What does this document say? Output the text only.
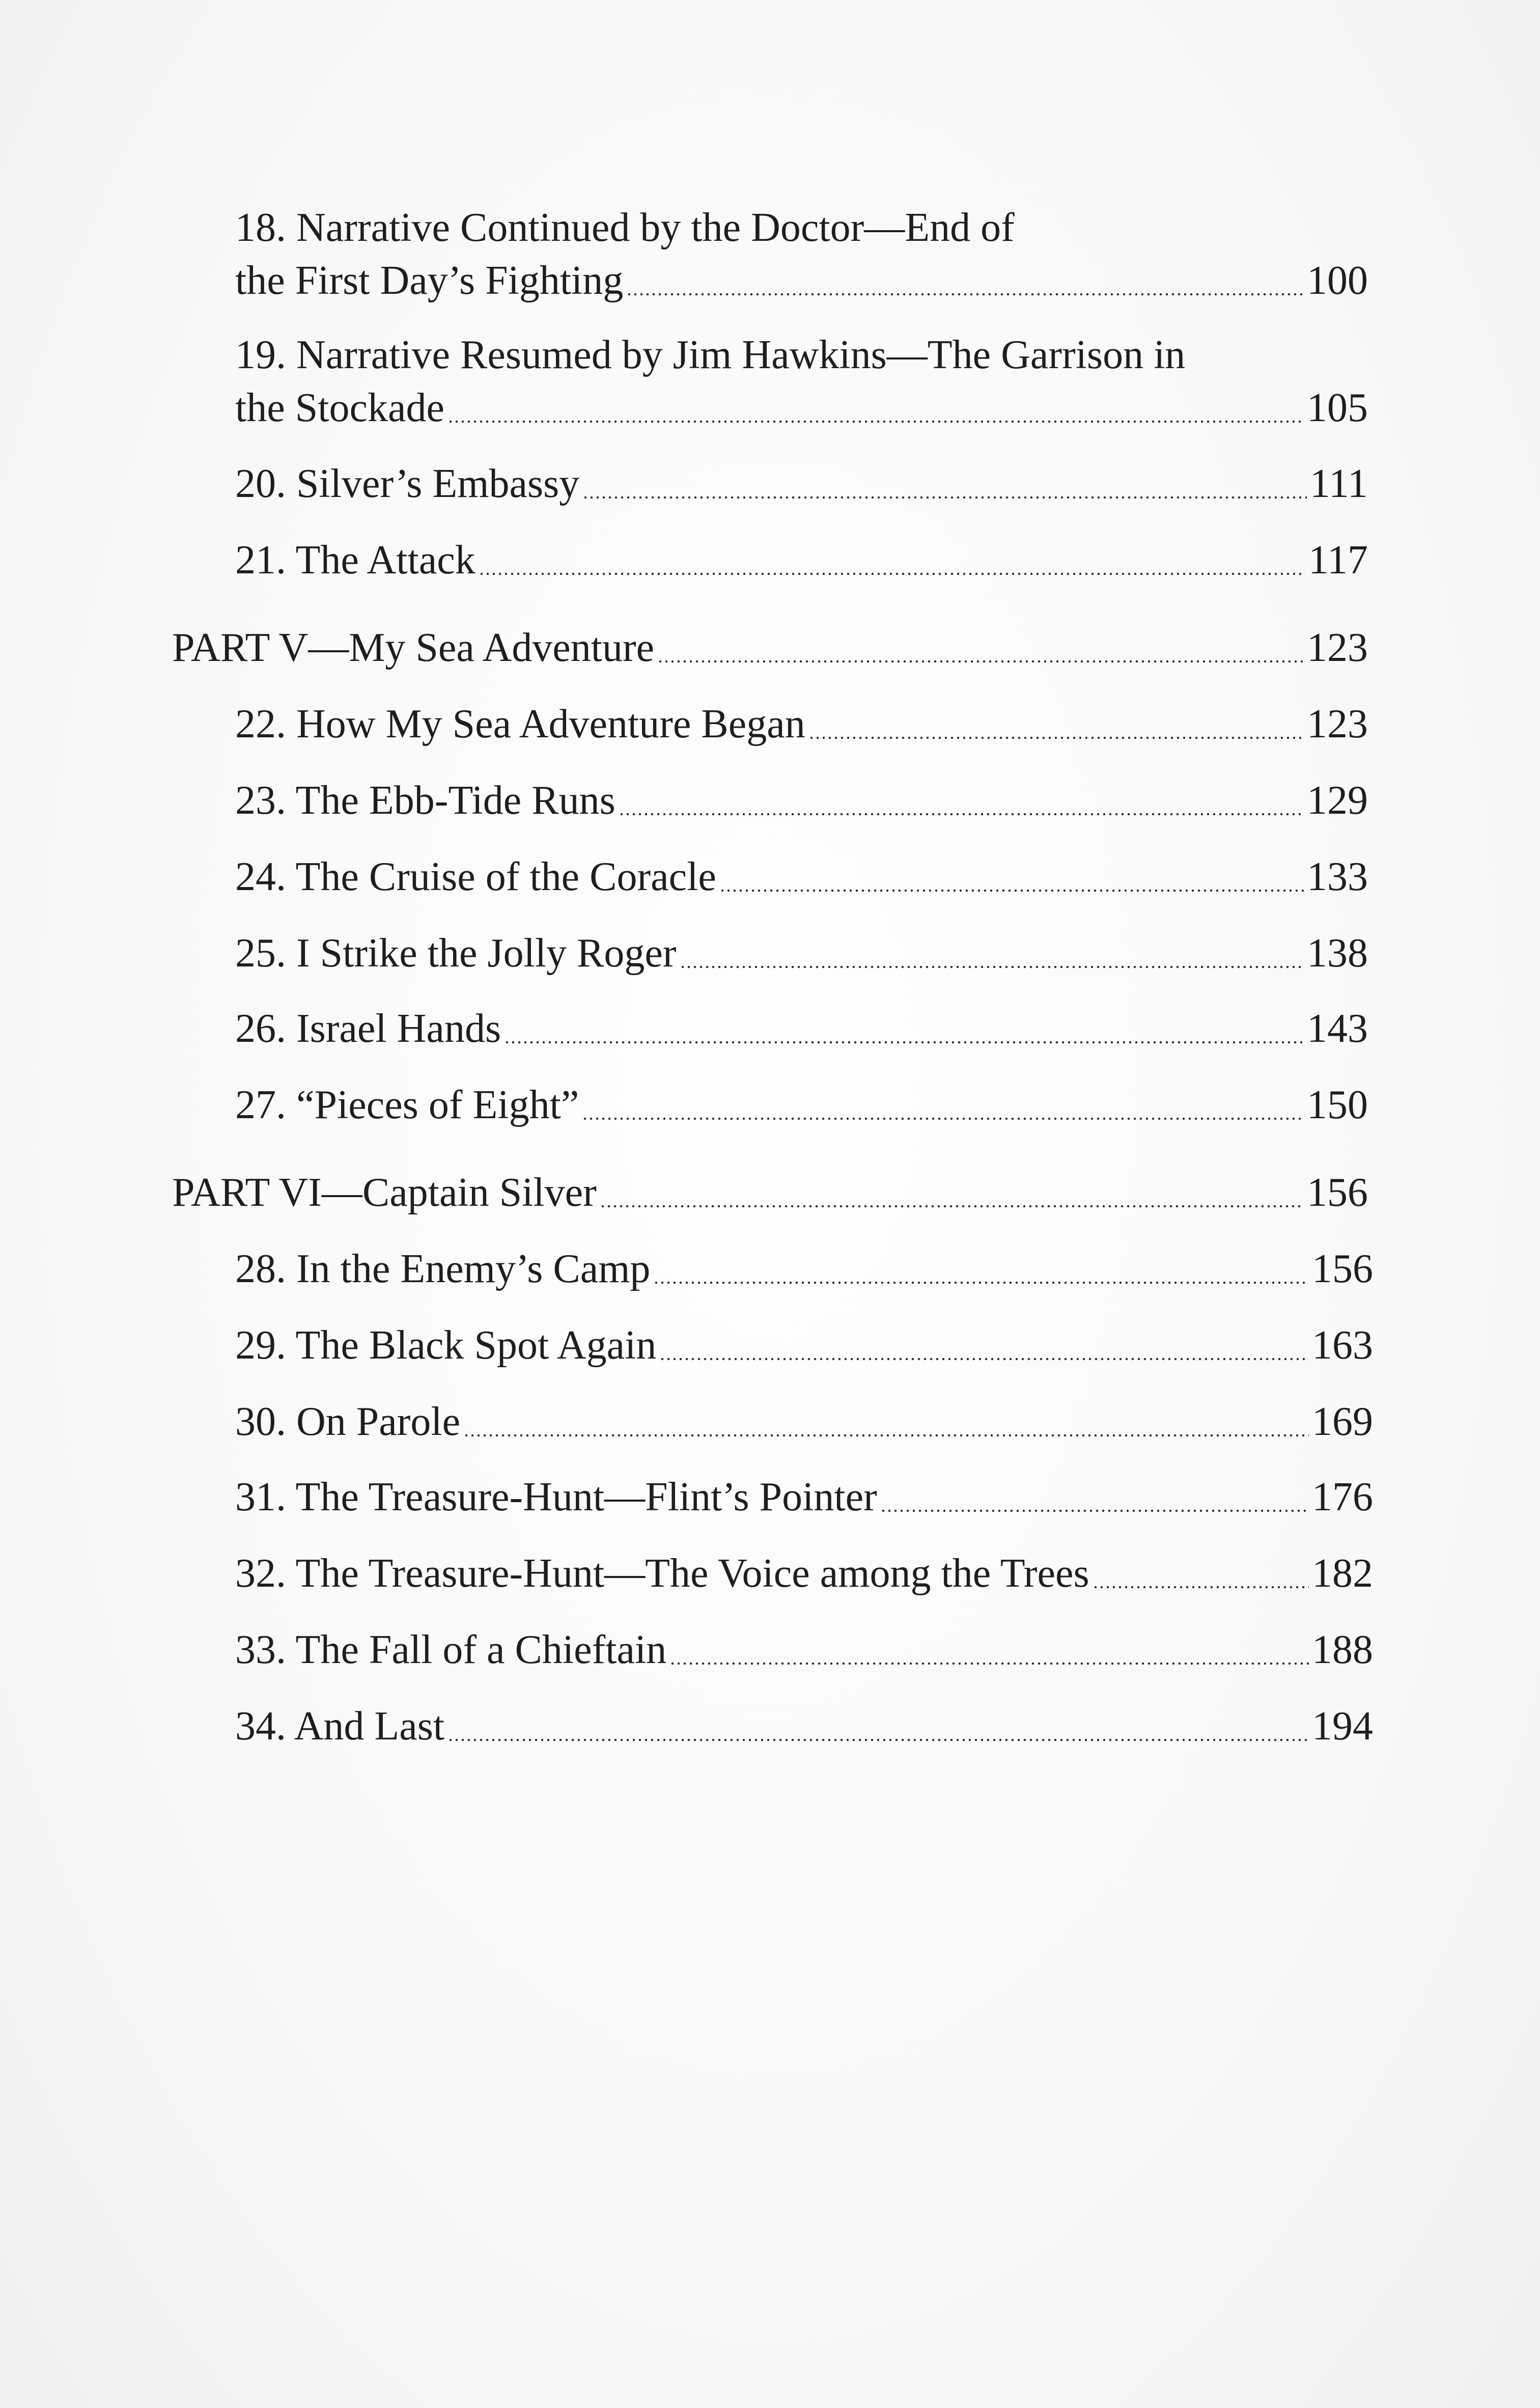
18. Narrative Continued by the Doctor—End of
the First Day’s Fighting	100
19. Narrative Resumed by Jim Hawkins—The Garrison in
the Stockade	105
20. Silver’s Embassy	111
21. The Attack	117
PART V—My Sea Adventure	123
22. How My Sea Adventure Began	123
23. The Ebb-Tide Runs	129
24. The Cruise of the Coracle	133
25. I Strike the Jolly Roger	138
26. Israel Hands	143
27. “Pieces of Eight”	150
PART VI—Captain Silver	156
28. In the Enemy’s Camp	156
29. The Black Spot Again	163
30. On Parole	169
31. The Treasure-Hunt—Flint’s Pointer	176
32. The Treasure-Hunt—The Voice among the Trees	182
33. The Fall of a Chieftain	188
34. And Last	194
